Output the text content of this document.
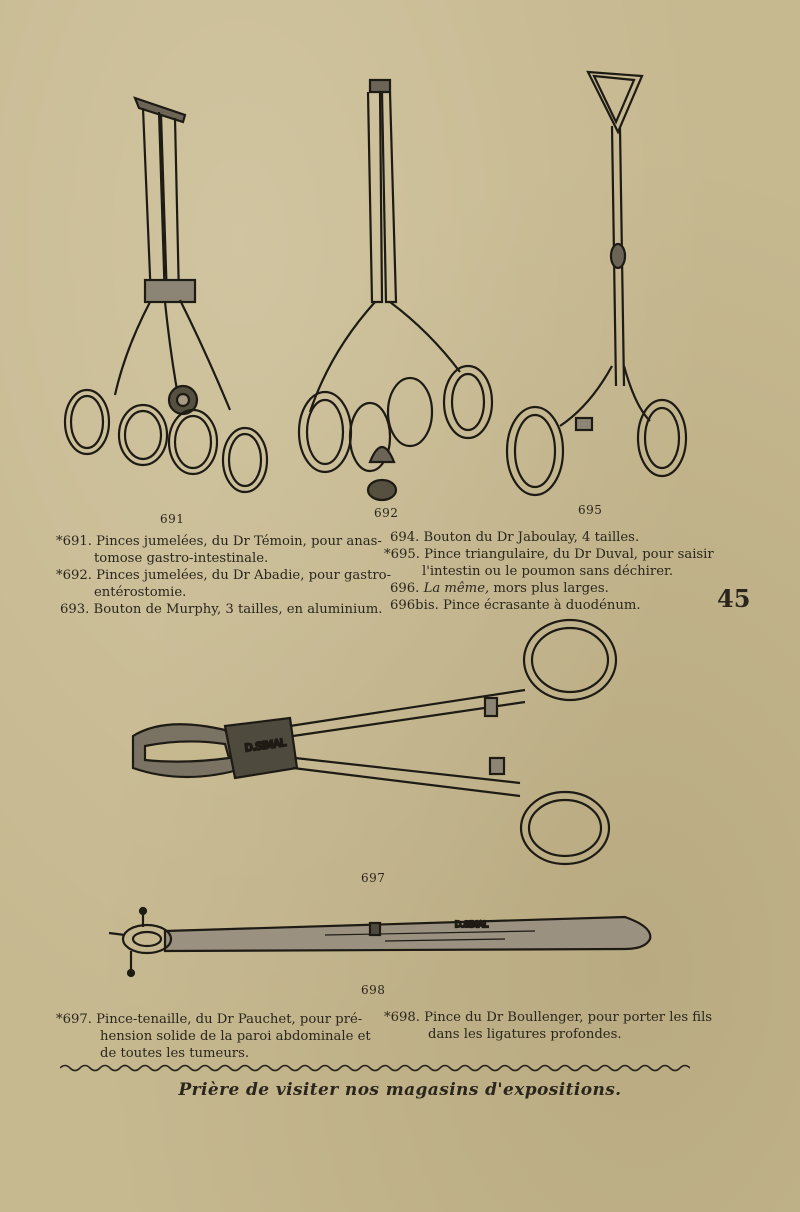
D.SIMAL
D.SIMAL
691	692	695
697
698
*691. Pinces jumelées, du Dr Témoin, pour anas-
tomose gastro-intestinale.
*692. Pinces jumelées, du Dr Abadie, pour gastro-
entérostomie.
693. Bouton de Murphy, 3 tailles, en aluminium.
694. Bouton du Dr Jaboulay, 4 tailles.
*695. Pince triangulaire, du Dr Duval, pour saisir
l'intestin ou le poumon sans déchirer.
696. La même, mors plus larges.
696bis. Pince écrasante à duodénum.	45
*697. Pince-tenaille, du Dr Pauchet, pour pré-
hension solide de la paroi abdominale et
de toutes les tumeurs.
*698. Pince du Dr Boullenger, pour porter les fils
dans les ligatures profondes.
Prière de visiter nos magasins d'expositions.
